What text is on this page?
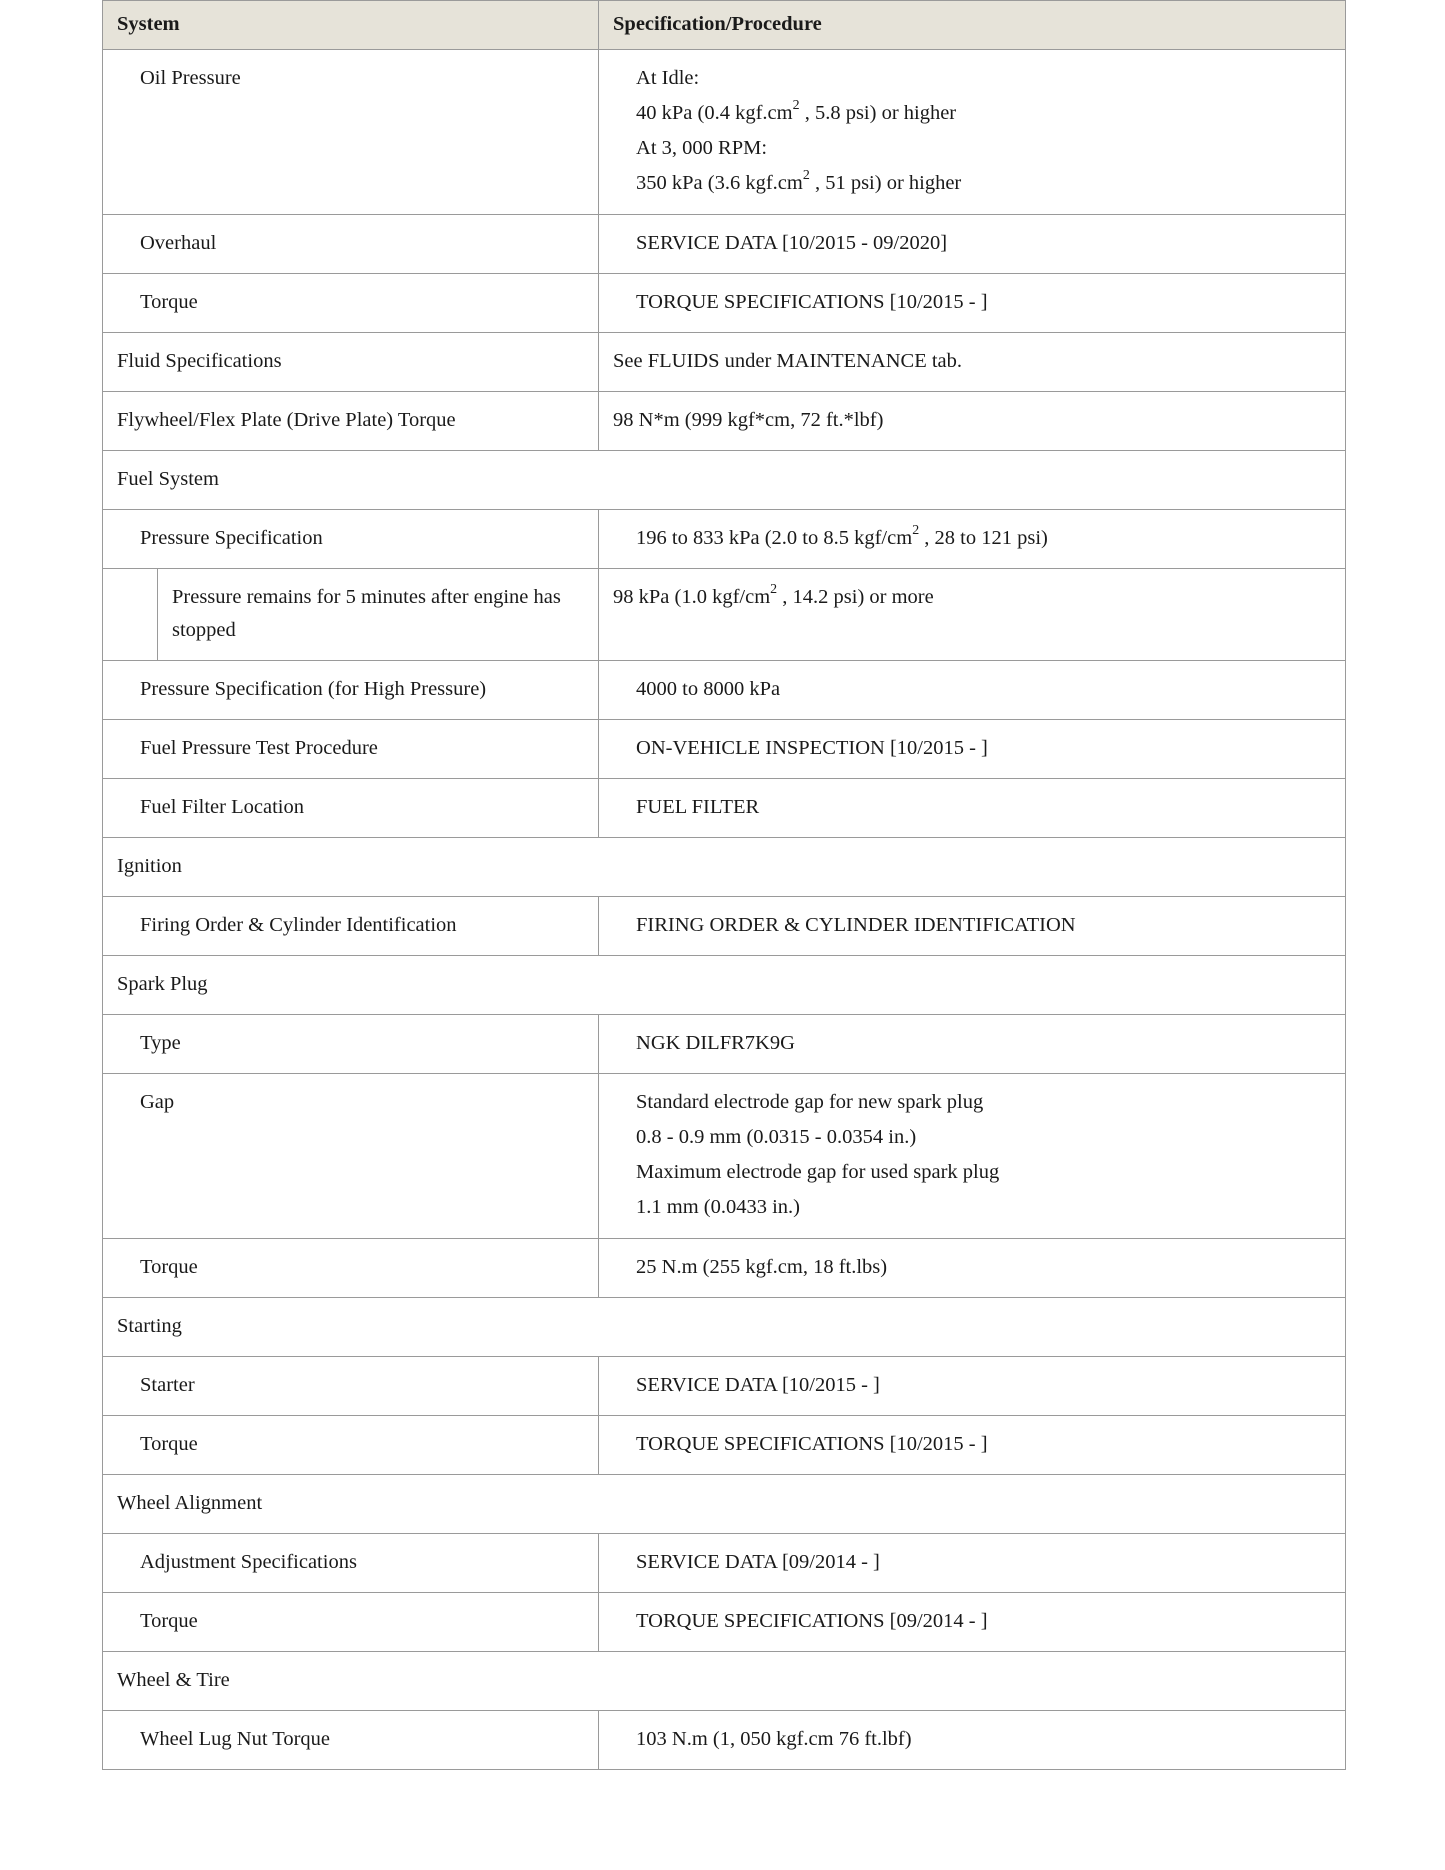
System		Specification/Procedure
Oil Pressure		At Idle:
40 kPa (0.4 $kgf.cm^2$ , 5.8 psi) or higher
At 3, 000 RPM:
350 kPa (3.6 $kgf.cm^2$ , 51 psi) or higher

Overhaul		SERVICE DATA [10/2015 - 09/2020]
Torque		TORQUE SPECIFICATIONS [10/2015 - ]
Fluid Specifications		See FLUIDS under MAINTENANCE tab.
Flywheel/Flex Plate (Drive Plate) Torque		98 N*m (999 kgf*cm, 72 ft.*lbf)
Fuel System		
Pressure Specification		196 to 833 kPa (2.0 to 8.5 kgf/$cm^2$ , 28 to 121 psi)
	Pressure remains for 5 minutes after engine has stopped	98 kPa (1.0 kgf/$cm^2$ , 14.2 psi) or more
Pressure Specification (for High Pressure)		4000 to 8000 kPa
Fuel Pressure Test Procedure		ON-VEHICLE INSPECTION [10/2015 - ]
Fuel Filter Location		FUEL FILTER
Ignition		
Firing Order & Cylinder Identification		FIRING ORDER & CYLINDER IDENTIFICATION
Spark Plug		
Type		NGK DILFR7K9G
Gap		Standard electrode gap for new spark plug
0.8 - 0.9 mm (0.0315 - 0.0354 in.)
Maximum electrode gap for used spark plug
1.1 mm (0.0433 in.)

Torque		25 N.m (255 kgf.cm, 18 ft.lbs)
Starting		
Starter		SERVICE DATA [10/2015 - ]
Torque		TORQUE SPECIFICATIONS [10/2015 - ]
Wheel Alignment		
Adjustment Specifications		SERVICE DATA [09/2014 - ]
Torque		TORQUE SPECIFICATIONS [09/2014 - ]
Wheel & Tire		
Wheel Lug Nut Torque		103 N.m (1, 050 kgf.cm 76 ft.lbf)
